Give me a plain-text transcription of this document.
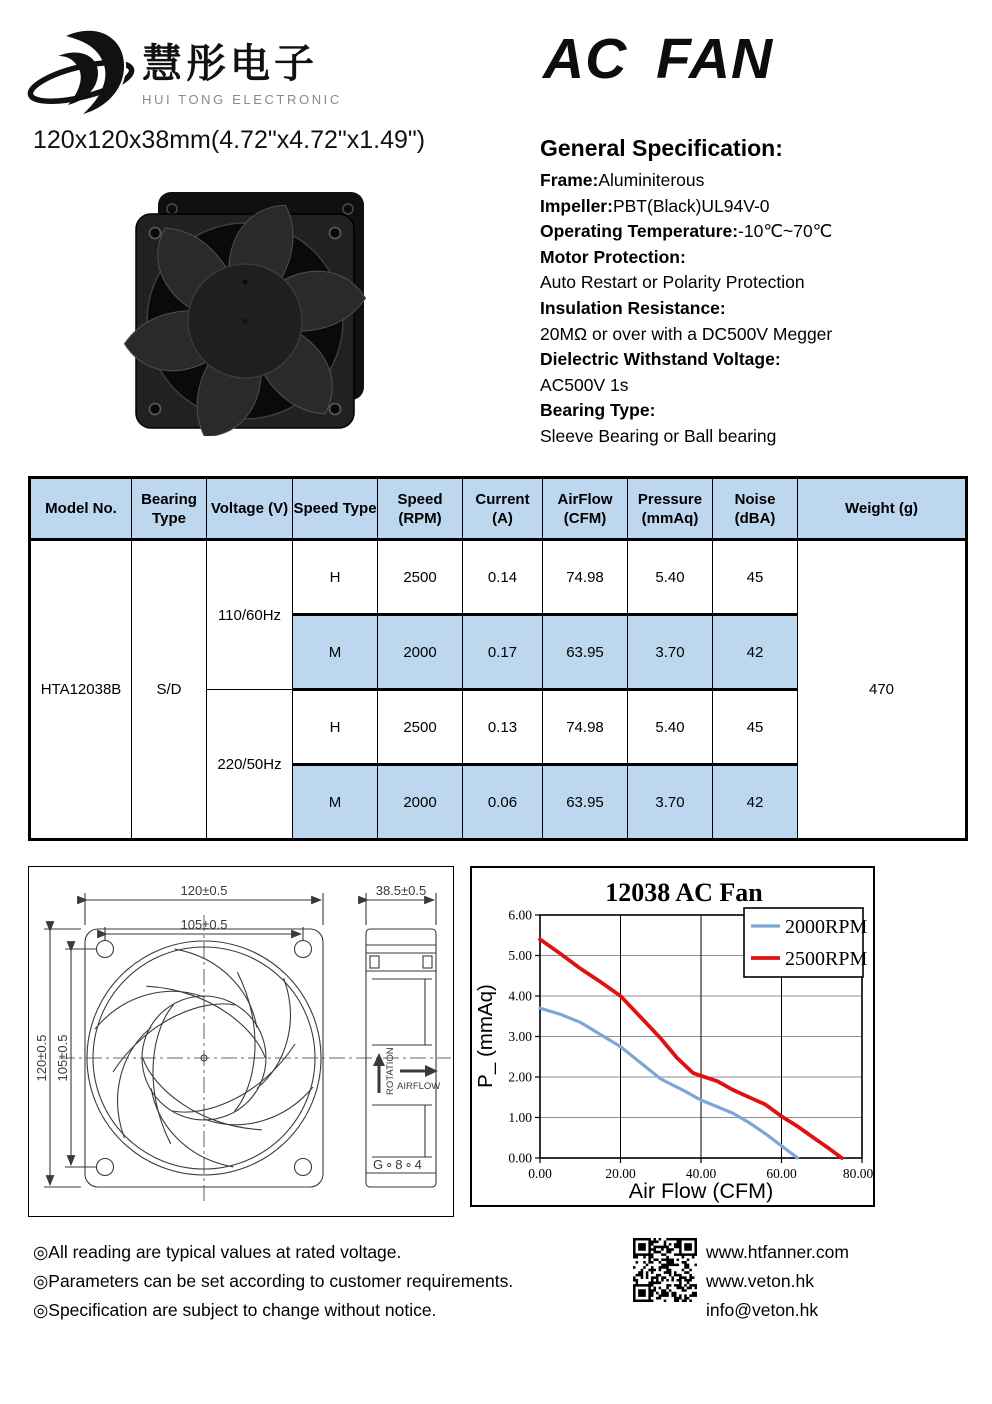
慧彤电子
HUI TONG ELECTRONIC
AC FAN
120x120x38mm(4.72"x4.72"x1.49")	General Specification:
Frame:Aluminiterous
Impeller:PBT(Black)UL94V-0
Operating Temperature:-10℃~70℃
Motor Protection:
Auto Restart or Polarity Protection
Insulation Resistance:
20MΩ or over with a DC500V Megger
Dielectric Withstand Voltage:
AC500V 1s
Bearing Type:
Sleeve Bearing or Ball bearing
Model No.	Bearing Type	Voltage (V)	Speed Type	Speed (RPM)	Current (A)	AirFlow (CFM)	Pressure (mmAq)	Noise (dBA)	Weight (g)
HTA12038B	S/D	110/60Hz	H	2500	0.14	74.98	5.40	45	470
			M	2000	0.17	63.95	3.70	42	
		220/50Hz	H	2500	0.13	74.98	5.40	45	
			M	2000	0.06	63.95	3.70	42	
120±0.5
105±0.5
120±0.5 105±0.5
38.5±0.5
ROTATION AIRFLOW
G∘8∘4
12038 AC Fan
0.00
1.00
2.00
3.00
4.00
5.00
6.00
0.00	20.00	40.00	60.00	80.00
Air Flow (CFM)
P_ (mmAq)
2000RPM
2500RPM
◎All reading are typical values at rated voltage.
◎Parameters can be set according to customer requirements.
◎Specification are subject to change without notice.
www.htfanner.com
www.veton.hk
info@veton.hk
